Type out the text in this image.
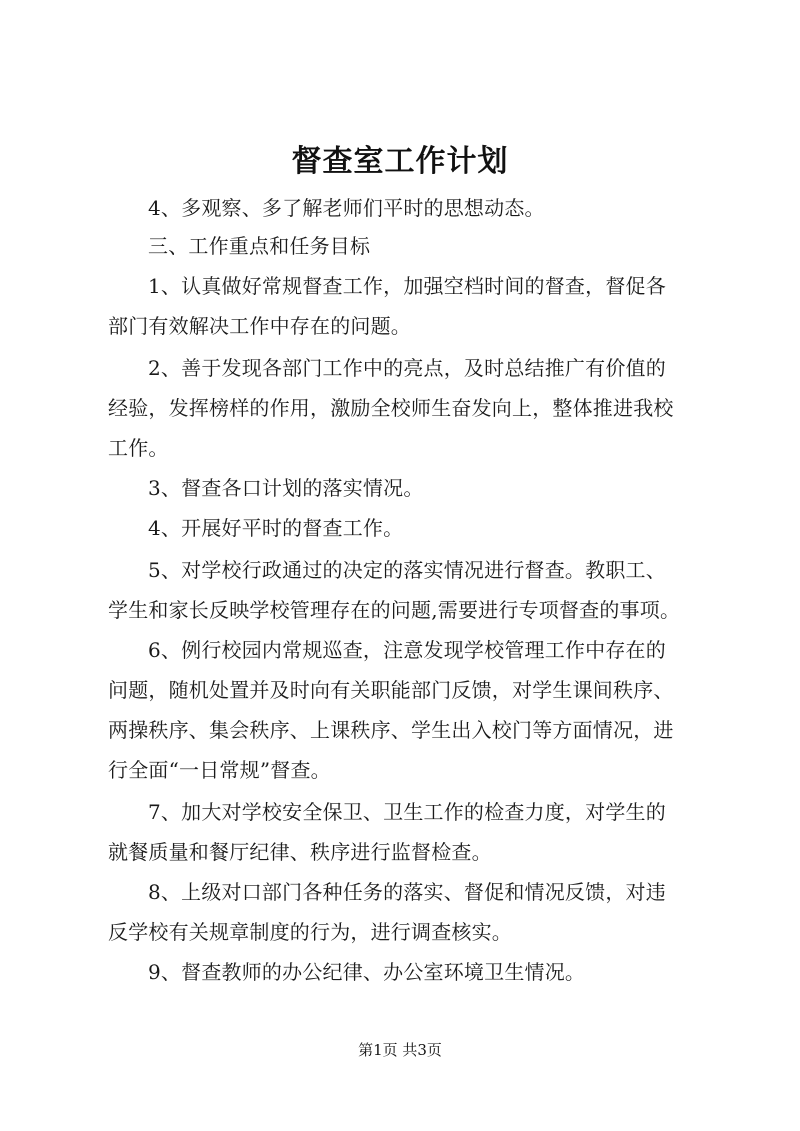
督查室工作计划
4、多观察、多了解老师们平时的思想动态。
三、工作重点和任务目标
1、认真做好常规督查工作，加强空档时间的督查，督促各
部门有效解决工作中存在的问题。
2、善于发现各部门工作中的亮点，及时总结推广有价值的
经验，发挥榜样的作用，激励全校师生奋发向上，整体推进我校
工作。
3、督查各口计划的落实情况。
4、开展好平时的督查工作。
5、对学校行政通过的决定的落实情况进行督查。教职工、
学生和家长反映学校管理存在的问题,需要进行专项督查的事项。
6、例行校园内常规巡查，注意发现学校管理工作中存在的
问题，随机处置并及时向有关职能部门反馈，对学生课间秩序、
两操秩序、集会秩序、上课秩序、学生出入校门等方面情况，进
行全面“一日常规”督查。
7、加大对学校安全保卫、卫生工作的检查力度，对学生的
就餐质量和餐厅纪律、秩序进行监督检查。
8、上级对口部门各种任务的落实、督促和情况反馈，对违
反学校有关规章制度的行为，进行调查核实。
9、督查教师的办公纪律、办公室环境卫生情况。
第1页 共3页
